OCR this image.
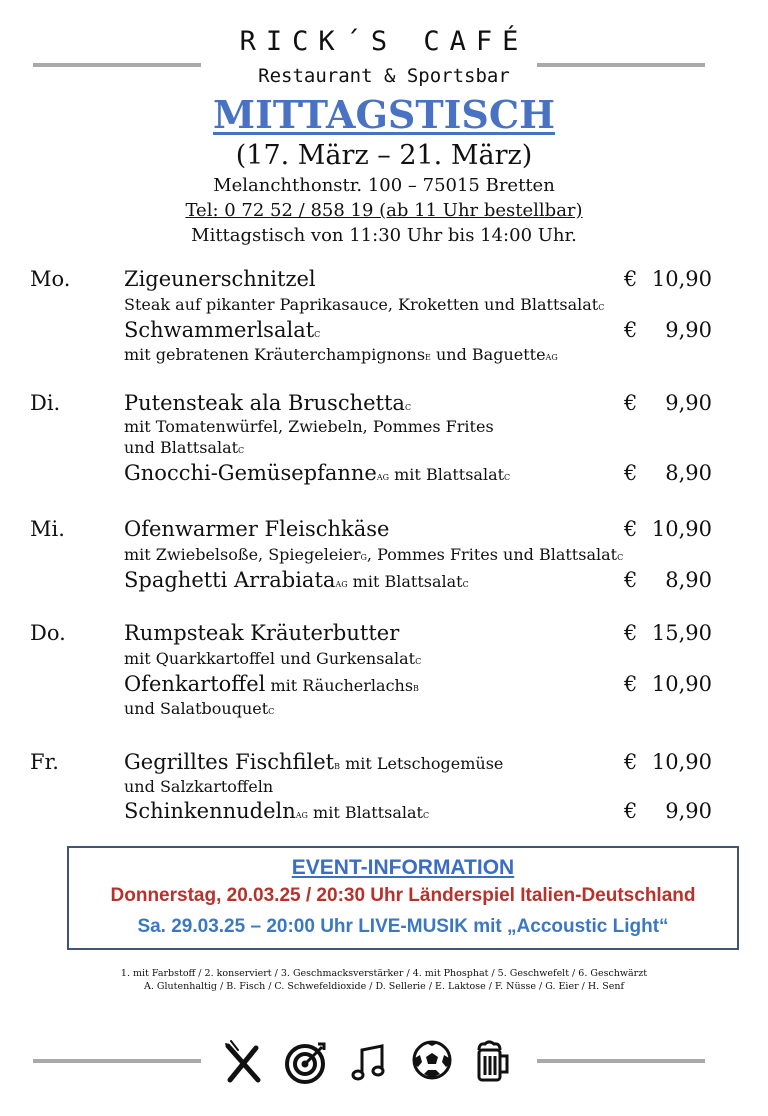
RICK´S CAFÉ
Restaurant & Sportsbar
MITTAGSTISCH
(17. März – 21. März)
Melanchthonstr. 100 – 75015 Bretten
Tel: 0 72 52 / 858 19 (ab 11 Uhr bestellbar)
Mittagstisch von 11:30 Uhr bis 14:00 Uhr.
Mo.	Zigeunerschnitzel	€ 10,90
Steak auf pikanter Paprikasauce, Kroketten und BlattsalatC
SchwammerlsalatC	€ 9,90
mit gebratenen KräuterchampignonsE und BaguetteAG
Di.	Putensteak ala BruschettaC	€ 9,90
mit Tomatenwürfel, Zwiebeln, Pommes Frites
und BlattsalatC
Gnocchi-GemüsepfanneAG mit BlattsalatC	€ 8,90
Mi.	Ofenwarmer Fleischkäse	€ 10,90
mit Zwiebelsoße, SpiegeleierG, Pommes Frites und BlattsalatC
Spaghetti ArrabiataAG mit BlattsalatC	€ 8,90
Do.	Rumpsteak Kräuterbutter	€ 15,90
mit Quarkkartoffel und GurkensalatC
Ofenkartoffel mit RäucherlachsB	€ 10,90
und SalatbouquetC
Fr.	Gegrilltes FischfiletB mit Letschogemüse	€ 10,90
und Salzkartoffeln
SchinkennudelnAG mit BlattsalatC	€ 9,90
EVENT-INFORMATION
Donnerstag, 20.03.25 / 20:30 Uhr Länderspiel Italien-Deutschland
Sa. 29.03.25 – 20:00 Uhr LIVE-MUSIK mit „Accoustic Light“
1. mit Farbstoff / 2. konserviert / 3. Geschmacksverstärker / 4. mit Phosphat / 5. Geschwefelt / 6. Geschwärzt
A. Glutenhaltig / B. Fisch / C. Schwefeldioxide / D. Sellerie / E. Laktose / F. Nüsse / G. Eier / H. Senf
